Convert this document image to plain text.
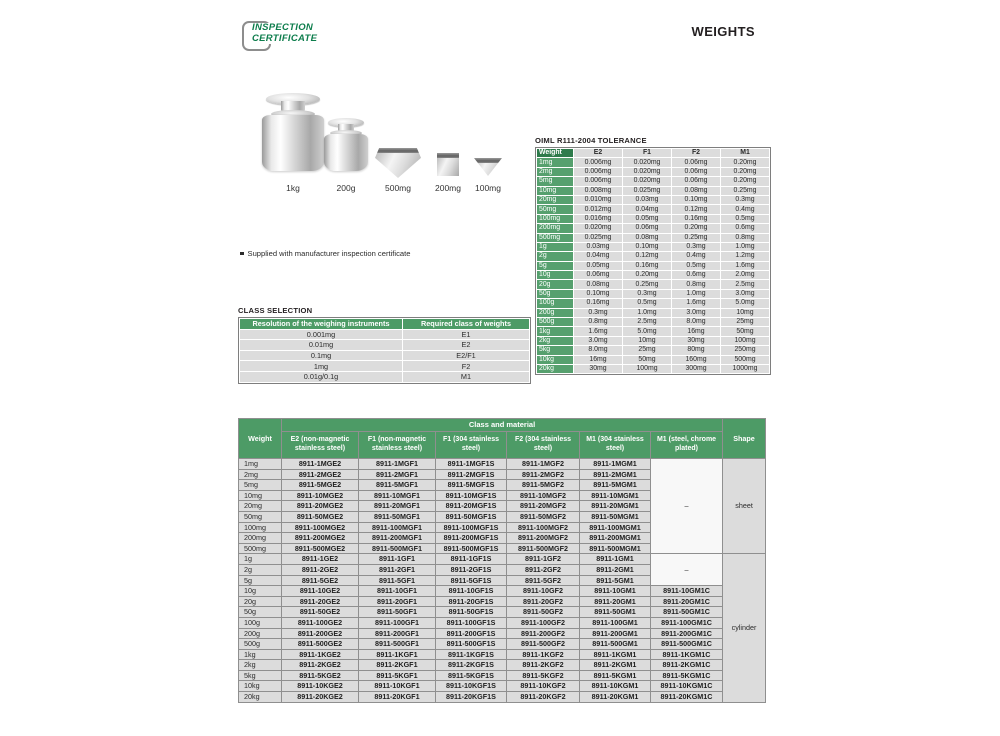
INSPECTION
CERTIFICATE	WEIGHTS
1kg	200g	500mg	200mg	100mg
OIML R111-2004 TOLERANCE
Weight	E2	F1	F2	M1
1mg	0.006mg	0.020mg	0.06mg	0.20mg
2mg	0.006mg	0.020mg	0.06mg	0.20mg
5mg	0.006mg	0.020mg	0.06mg	0.20mg
10mg	0.008mg	0.025mg	0.08mg	0.25mg
20mg	0.010mg	0.03mg	0.10mg	0.3mg
50mg	0.012mg	0.04mg	0.12mg	0.4mg
100mg	0.016mg	0.05mg	0.16mg	0.5mg
200mg	0.020mg	0.06mg	0.20mg	0.6mg
500mg	0.025mg	0.08mg	0.25mg	0.8mg
1g	0.03mg	0.10mg	0.3mg	1.0mg
2g	0.04mg	0.12mg	0.4mg	1.2mg
5g	0.05mg	0.16mg	0.5mg	1.6mg
10g	0.06mg	0.20mg	0.6mg	2.0mg
20g	0.08mg	0.25mg	0.8mg	2.5mg
50g	0.10mg	0.3mg	1.0mg	3.0mg
100g	0.16mg	0.5mg	1.6mg	5.0mg
200g	0.3mg	1.0mg	3.0mg	10mg
500g	0.8mg	2.5mg	8.0mg	25mg
1kg	1.6mg	5.0mg	16mg	50mg
2kg	3.0mg	10mg	30mg	100mg
5kg	8.0mg	25mg	80mg	250mg
10kg	16mg	50mg	160mg	500mg
20kg	30mg	100mg	300mg	1000mg
Supplied with manufacturer inspection certificate
CLASS SELECTION
Resolution of the weighing instruments	Required class of weights
0.001mg	E1
0.01mg	E2
0.1mg	E2/F1
1mg	F2
0.01g/0.1g	M1
Weight	Class and material						Shape
	E2 (non-magnetic stainless steel)	F1 (non-magnetic stainless steel)	F1 (304 stainless steel)	F2 (304 stainless steel)	M1 (304 stainless steel)	M1 (steel, chrome plated)	
1mg	8911-1MGE2	8911-1MGF1	8911-1MGF1S	8911-1MGF2	8911-1MGM1	–	sheet
2mg	8911-2MGE2	8911-2MGF1	8911-2MGF1S	8911-2MGF2	8911-2MGM1		
5mg	8911-5MGE2	8911-5MGF1	8911-5MGF1S	8911-5MGF2	8911-5MGM1		
10mg	8911-10MGE2	8911-10MGF1	8911-10MGF1S	8911-10MGF2	8911-10MGM1		
20mg	8911-20MGE2	8911-20MGF1	8911-20MGF1S	8911-20MGF2	8911-20MGM1		
50mg	8911-50MGE2	8911-50MGF1	8911-50MGF1S	8911-50MGF2	8911-50MGM1		
100mg	8911-100MGE2	8911-100MGF1	8911-100MGF1S	8911-100MGF2	8911-100MGM1		
200mg	8911-200MGE2	8911-200MGF1	8911-200MGF1S	8911-200MGF2	8911-200MGM1		
500mg	8911-500MGE2	8911-500MGF1	8911-500MGF1S	8911-500MGF2	8911-500MGM1		
1g	8911-1GE2	8911-1GF1	8911-1GF1S	8911-1GF2	8911-1GM1	–	cylinder
2g	8911-2GE2	8911-2GF1	8911-2GF1S	8911-2GF2	8911-2GM1		
5g	8911-5GE2	8911-5GF1	8911-5GF1S	8911-5GF2	8911-5GM1		
10g	8911-10GE2	8911-10GF1	8911-10GF1S	8911-10GF2	8911-10GM1	8911-10GM1C	
20g	8911-20GE2	8911-20GF1	8911-20GF1S	8911-20GF2	8911-20GM1	8911-20GM1C	
50g	8911-50GE2	8911-50GF1	8911-50GF1S	8911-50GF2	8911-50GM1	8911-50GM1C	
100g	8911-100GE2	8911-100GF1	8911-100GF1S	8911-100GF2	8911-100GM1	8911-100GM1C	
200g	8911-200GE2	8911-200GF1	8911-200GF1S	8911-200GF2	8911-200GM1	8911-200GM1C	
500g	8911-500GE2	8911-500GF1	8911-500GF1S	8911-500GF2	8911-500GM1	8911-500GM1C	
1kg	8911-1KGE2	8911-1KGF1	8911-1KGF1S	8911-1KGF2	8911-1KGM1	8911-1KGM1C	
2kg	8911-2KGE2	8911-2KGF1	8911-2KGF1S	8911-2KGF2	8911-2KGM1	8911-2KGM1C	
5kg	8911-5KGE2	8911-5KGF1	8911-5KGF1S	8911-5KGF2	8911-5KGM1	8911-5KGM1C	
10kg	8911-10KGE2	8911-10KGF1	8911-10KGF1S	8911-10KGF2	8911-10KGM1	8911-10KGM1C	
20kg	8911-20KGE2	8911-20KGF1	8911-20KGF1S	8911-20KGF2	8911-20KGM1	8911-20KGM1C	
